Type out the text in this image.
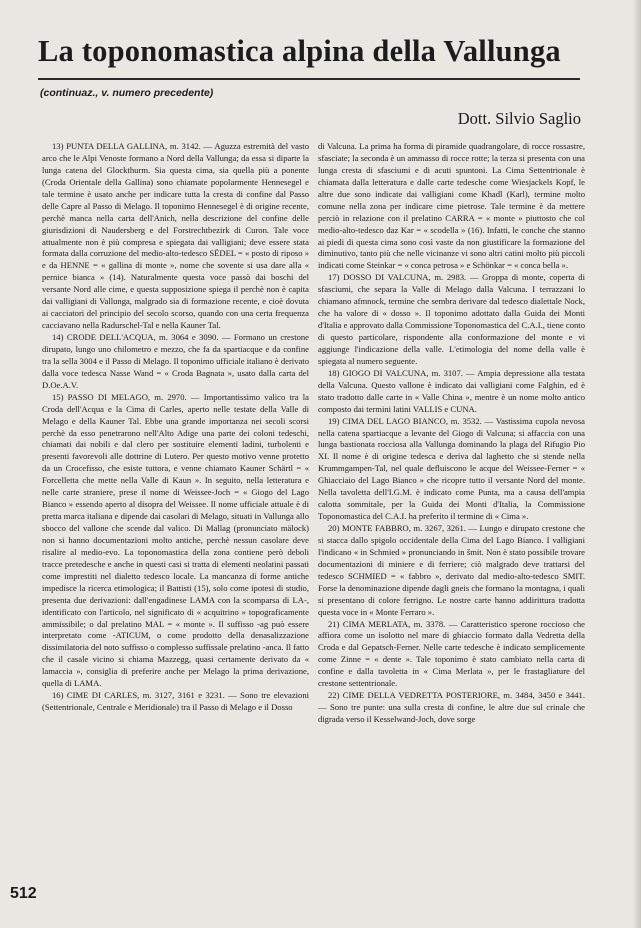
La toponomastica alpina della Vallunga
(continuaz., v. numero precedente)
Dott. Silvio Saglio

13) PUNTA DELLA GALLINA, m. 3142. — Aguzza estremità del vasto arco che le Alpi Venoste formano a Nord della Vallunga; da essa si diparte la lunga catena del Glockthurm. Sia questa cima, sia quella più a ponente (Croda Orientale della Gallina) sono chiamate popolarmente Hennesegel e tale termine è usato anche per indicare tutta la cresta di confine dal Passo delle Capre al Passo di Melago. Il toponimo Hennesegel è di origine recente, perchè manca nella carta dell'Anich, nella descrizione del confine delle giurisdizioni di Naudersberg e del Forstrechtbezirk di Curon. Tale voce attualmente non è più compresa e spiegata dai valligiani; deve essere stata formata dalla corruzione del medio-alto-tedesco SËDEL = « posto di riposo » e da HENNE = « gallina di monte », nome che sovente si usa dare alla « pernice bianca » (14). Naturalmente questa voce passò dai boschi del versante Nord alle cime, e questa supposizione spiega il perchè non è capita dai valligiani di Vallunga, malgrado sia di formazione recente, e cioè dovuta ai cacciatori del principio del secolo scorso, quando con una certa frequenza cacciavano nella Radurschel-Tal e nella Kauner Tal.

14) CRODE DELL'ACQUA, m. 3064 e 3090. — Formano un crestone dirupato, lungo uno chilometro e mezzo, che fa da spartiacque e da confine tra la sella 3004 e il Passo di Melago. Il toponimo ufficiale italiano è derivato dalla voce tedesca Nasse Wand = « Croda Bagnata », usato dalla carta del D.Oe.A.V.

15) PASSO DI MELAGO, m. 2970. — Importantissimo valico tra la Croda dell'Acqua e la Cima di Carles, aperto nelle testate della Valle di Melago e della Kauner Tal. Ebbe una grande importanza nei secoli scorsi perchè da esso penetrarono nell'Alto Adige una parte dei coloni tedeschi, chiamati dai nobili e dal clero per sostituire elementi ladini, turbolenti e presenti favorevoli alle dottrine di Lutero. Per questo motivo venne protetto da un Crocefisso, che esiste tuttora, e venne chiamato Kauner Schärtl = « Forcelletta che mette nella Valle di Kaun ». In seguito, nella letteratura e nelle carte straniere, prese il nome di Weissee-Joch = « Giogo del Lago Bianco » essendo aperto al disopra del Weissee. Il nome ufficiale attuale è di pretta marca italiana e dipende dai casolari di Melago, situati in Vallunga allo sbocco del vallone che scende dal valico. Di Mallag (pronunciato mälock) non si hanno documentazioni molto antiche, perchè nessun casolare deve risalire al medio-evo. La toponomastica della zona contiene però deboli tracce pretedesche e anche in questi casi si tratta di elementi neolatini passati come imprestiti nel dialetto tedesco locale. La mancanza di forme antiche impedisce la ricerca etimologica; il Battisti (15), solo come ipotesi di studio, presenta due derivazioni: dall'engadinese LAMA con la scomparsa di LA-, identificato con l'articolo, nel significato di « acquitrino » topograficamente ammissibile; o dal prelatino MAL = « monte ». Il suffisso -ag può essere interpretato come -ATICUM, o come prodotto della denasalizzazione dissimilatoria del noto suffisso o complesso suffissale prelatino -anca. Il fatto che il casale vicino si chiama Mazzegg, quasi certamente derivato da « lamaccia », consiglia di preferire anche per Melago la prima derivazione, quella di LAMA.

16) CIME DI CARLES, m. 3127, 3161 e 3231. — Sono tre elevazioni (Settentrionale, Centrale e Meridionale) tra il Passo di Melago e il Dosso

di Valcuna. La prima ha forma di piramide quadrangolare, di rocce rossastre, sfasciate; la seconda è un ammasso di rocce rotte; la terza si presenta con una lunga cresta di sfasciumi e di acuti spuntoni. La Cima Settentrionale è chiamata dalla letteratura e dalle carte tedesche come Wiesjackels Kopf, le altre due sono indicate dai valligiani come Khadl (Karl), termine molto comune nella zona per indicare cime pietrose. Tale termine è da mettere perciò in relazione con il prelatino CARRA = « monte » piuttosto che col medio-alto-tedesco daz Kar = « scodella » (16). Infatti, le conche che stanno ai piedi di questa cima sono così vaste da non giustificare la formazione del diminutivo, tanto più che nelle vicinanze vi sono altri catini molto più piccoli indicati come Steinkar = « conca petrosa » e Schönkar = « conca bella ».

17) DOSSO DI VALCUNA, m. 2983. — Groppa di monte, coperta di sfasciumi, che separa la Valle di Melago dalla Valcuna. I terrazzani lo chiamano afmnock, termine che sembra derivare dal tedesco dialettale Nock, che ha valore di « dosso ». Il toponimo adottato dalla Guida dei Monti d'Italia e approvato dalla Commissione Toponomastica del C.A.I., tiene conto di questo particolare, rispondente alla conformazione del monte e vi aggiunge l'indicazione della valle. L'etimologia del nome della valle è spiegata al numero seguente.

18) GIOGO DI VALCUNA, m. 3107. — Ampia depressione alla testata della Valcuna. Questo vallone è indicato dai valligiani come Falghin, ed è stato tradotto dalle carte in « Valle China », mentre è un nome molto antico composto dai termini latini VALLIS e CUNA.

19) CIMA DEL LAGO BIANCO, m. 3532. — Vastissima cupola nevosa nella catena spartiacque a levante del Giogo di Valcuna; si affaccia con una lunga bastionata rocciosa alla Vallunga dominando la plaga del Rifugio Pio XI. Il nome è di origine tedesca e deriva dal laghetto che si stende nella Krummgampen-Tal, nel quale defluiscono le acque del Weissee-Ferner = « Ghiacciaio del Lago Bianco » che ricopre tutto il versante Nord del monte. Nella tavoletta dell'I.G.M. è indicato come Punta, ma a causa dell'ampia calotta sommitale, per la Guida dei Monti d'Italia, la Commissione Toponomastica del C.A.I. ha preferito il termine di « Cima ».

20) MONTE FABBRO, m. 3267, 3261. — Lungo e dirupato crestone che si stacca dallo spigolo occidentale della Cima del Lago Bianco. I valligiani l'indicano « in Schmied » pronunciando in šmit. Non è stato possibile trovare documentazioni di miniere e di ferriere; ciò malgrado deve trattarsi del tedesco SCHMIED = « fabbro », derivato dal medio-alto-tedesco SMIT. Forse la denominazione dipende dagli gneis che formano la montagna, i quali si presentano di colore ferrigno. Le nostre carte hanno addirittura tradotta questa voce in « Monte Ferraro ».

21) CIMA MERLATA, m. 3378. — Caratteristico sperone roccioso che affiora come un isolotto nel mare di ghiaccio formato dalla Vedretta della Croda e dal Gepatsch-Ferner. Nelle carte tedesche è indicato semplicemente come Zinne = « dente ». Tale toponimo è stato cambiato nella carta di confine e dalla tavoletta in « Cima Merlata », per le frastagliature del crestone settentrionale.

22) CIME DELLA VEDRETTA POSTERIORE, m. 3484, 3450 e 3441. — Sono tre punte: una sulla cresta di confine, le altre due sul crinale che digrada verso il Kesselwand-Joch, dove sorge

512
